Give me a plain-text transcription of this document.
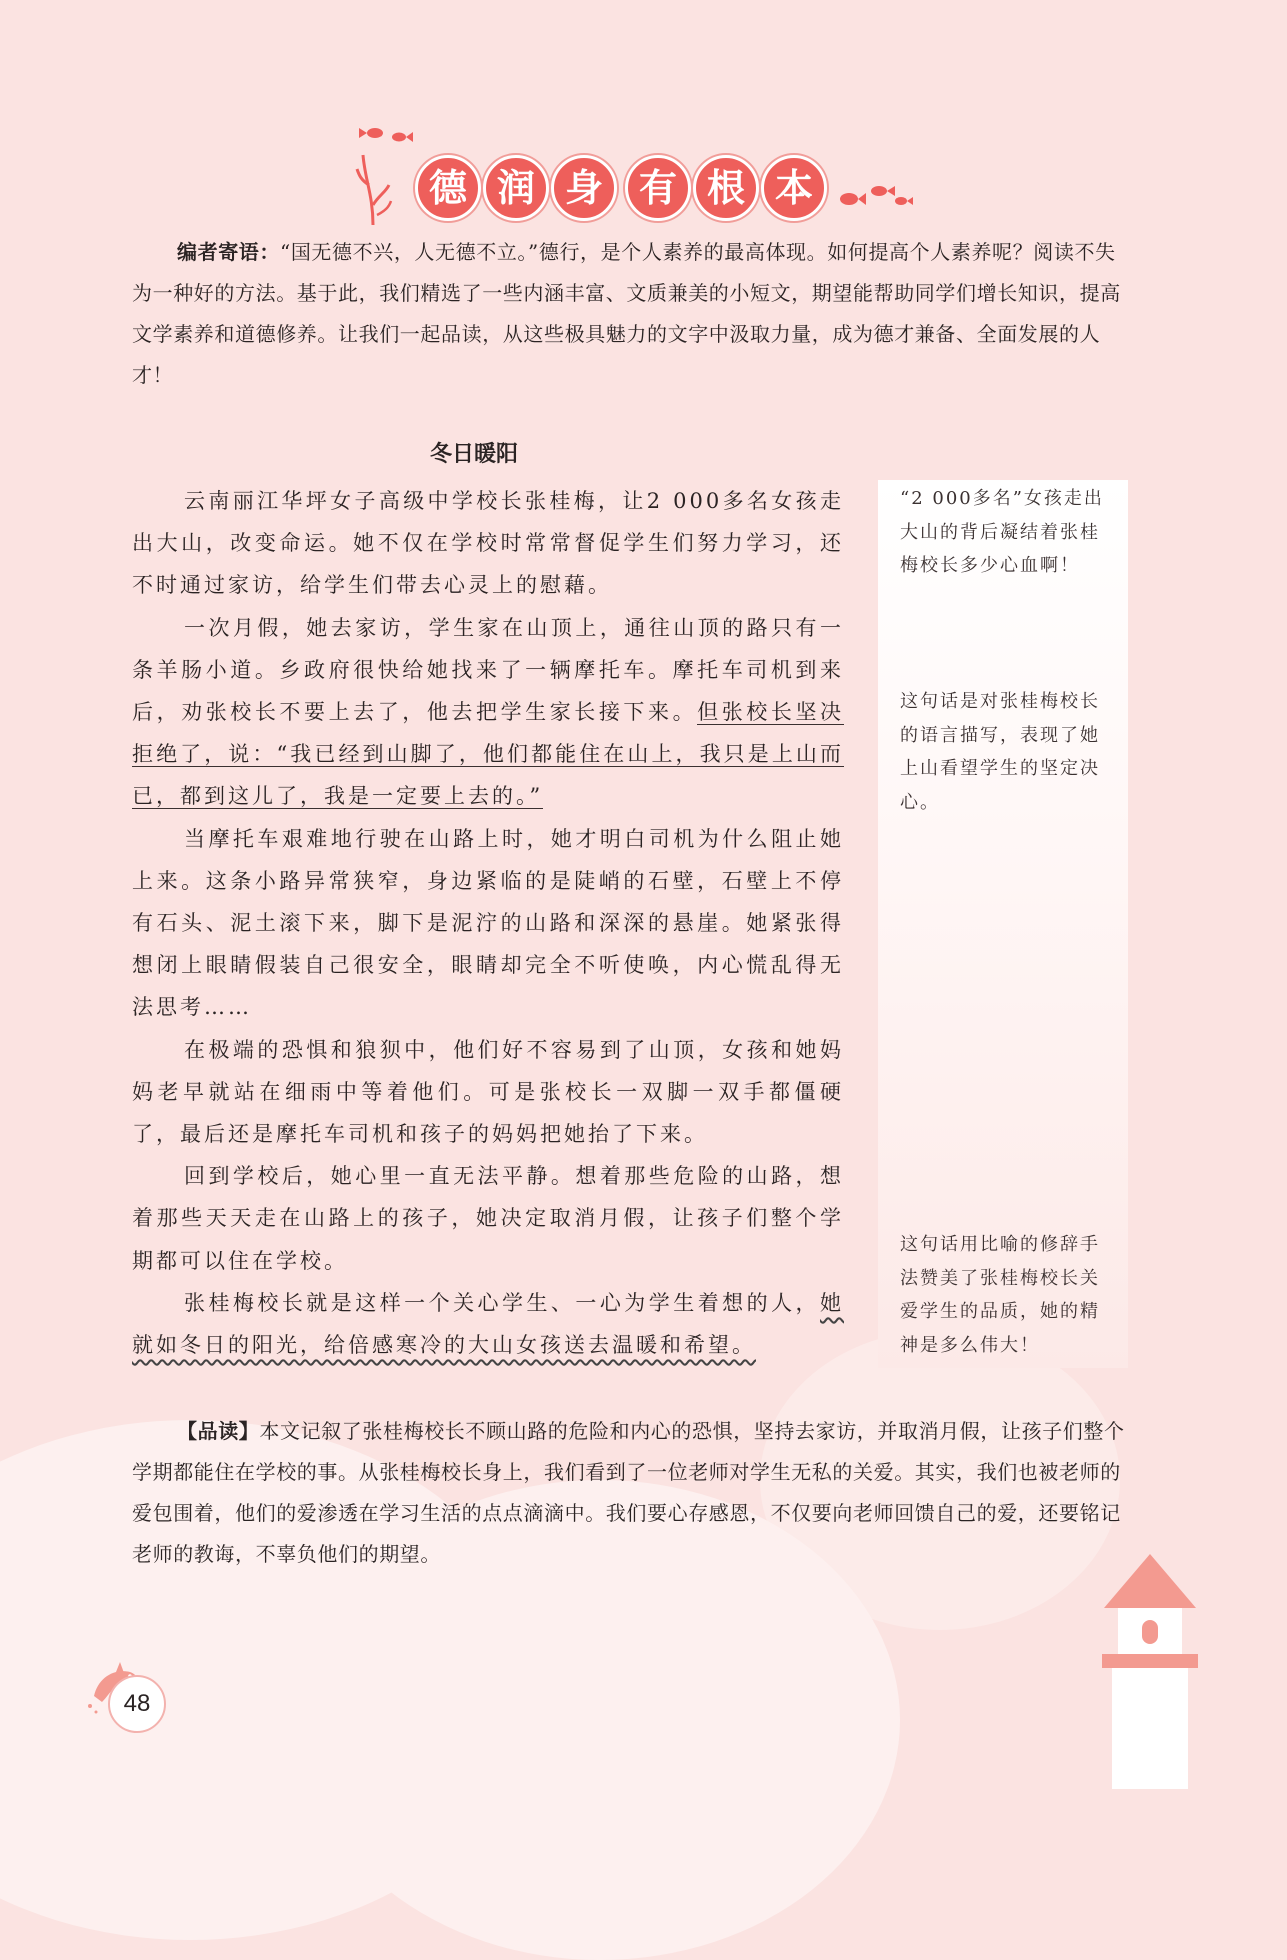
德 润 身 有 根 本
编者寄语：“国无德不兴，人无德不立。”德行，是个人素养的最高体现。如何提高个人素养呢？阅读不失为一种好的方法。基于此，我们精选了一些内涵丰富、文质兼美的小短文，期望能帮助同学们增长知识，提高文学素养和道德修养。让我们一起品读，从这些极具魅力的文字中汲取力量，成为德才兼备、全面发展的人才！
冬日暖阳

云南丽江华坪女子高级中学校长张桂梅，让2 000多名女孩走出大山，改变命运。她不仅在学校时常常督促学生们努力学习，还不时通过家访，给学生们带去心灵上的慰藉。

一次月假，她去家访，学生家在山顶上，通往山顶的路只有一条羊肠小道。乡政府很快给她找来了一辆摩托车。摩托车司机到来后，劝张校长不要上去了，他去把学生家长接下来。但张校长坚决拒绝了，说：“我已经到山脚了，他们都能住在山上，我只是上山而已，都到这儿了，我是一定要上去的。”

当摩托车艰难地行驶在山路上时，她才明白司机为什么阻止她上来。这条小路异常狭窄，身边紧临的是陡峭的石壁，石壁上不停有石头、泥土滚下来，脚下是泥泞的山路和深深的悬崖。她紧张得想闭上眼睛假装自己很安全，眼睛却完全不听使唤，内心慌乱得无法思考……

在极端的恐惧和狼狈中，他们好不容易到了山顶，女孩和她妈妈老早就站在细雨中等着他们。可是张校长一双脚一双手都僵硬了，最后还是摩托车司机和孩子的妈妈把她抬了下来。

回到学校后，她心里一直无法平静。想着那些危险的山路，想着那些天天走在山路上的孩子，她决定取消月假，让孩子们整个学期都可以住在学校。

张桂梅校长就是这样一个关心学生、一心为学生着想的人，她就如冬日的阳光，给倍感寒冷的大山女孩送去温暖和希望。

“2 000多名”女孩走出大山的背后凝结着张桂梅校长多少心血啊！
这句话是对张桂梅校长的语言描写，表现了她上山看望学生的坚定决心。
这句话用比喻的修辞手法赞美了张桂梅校长关爱学生的品质，她的精神是多么伟大！
【品读】本文记叙了张桂梅校长不顾山路的危险和内心的恐惧，坚持去家访，并取消月假，让孩子们整个学期都能住在学校的事。从张桂梅校长身上，我们看到了一位老师对学生无私的关爱。其实，我们也被老师的爱包围着，他们的爱渗透在学习生活的点点滴滴中。我们要心存感恩，不仅要向老师回馈自己的爱，还要铭记老师的教诲，不辜负他们的期望。
48
